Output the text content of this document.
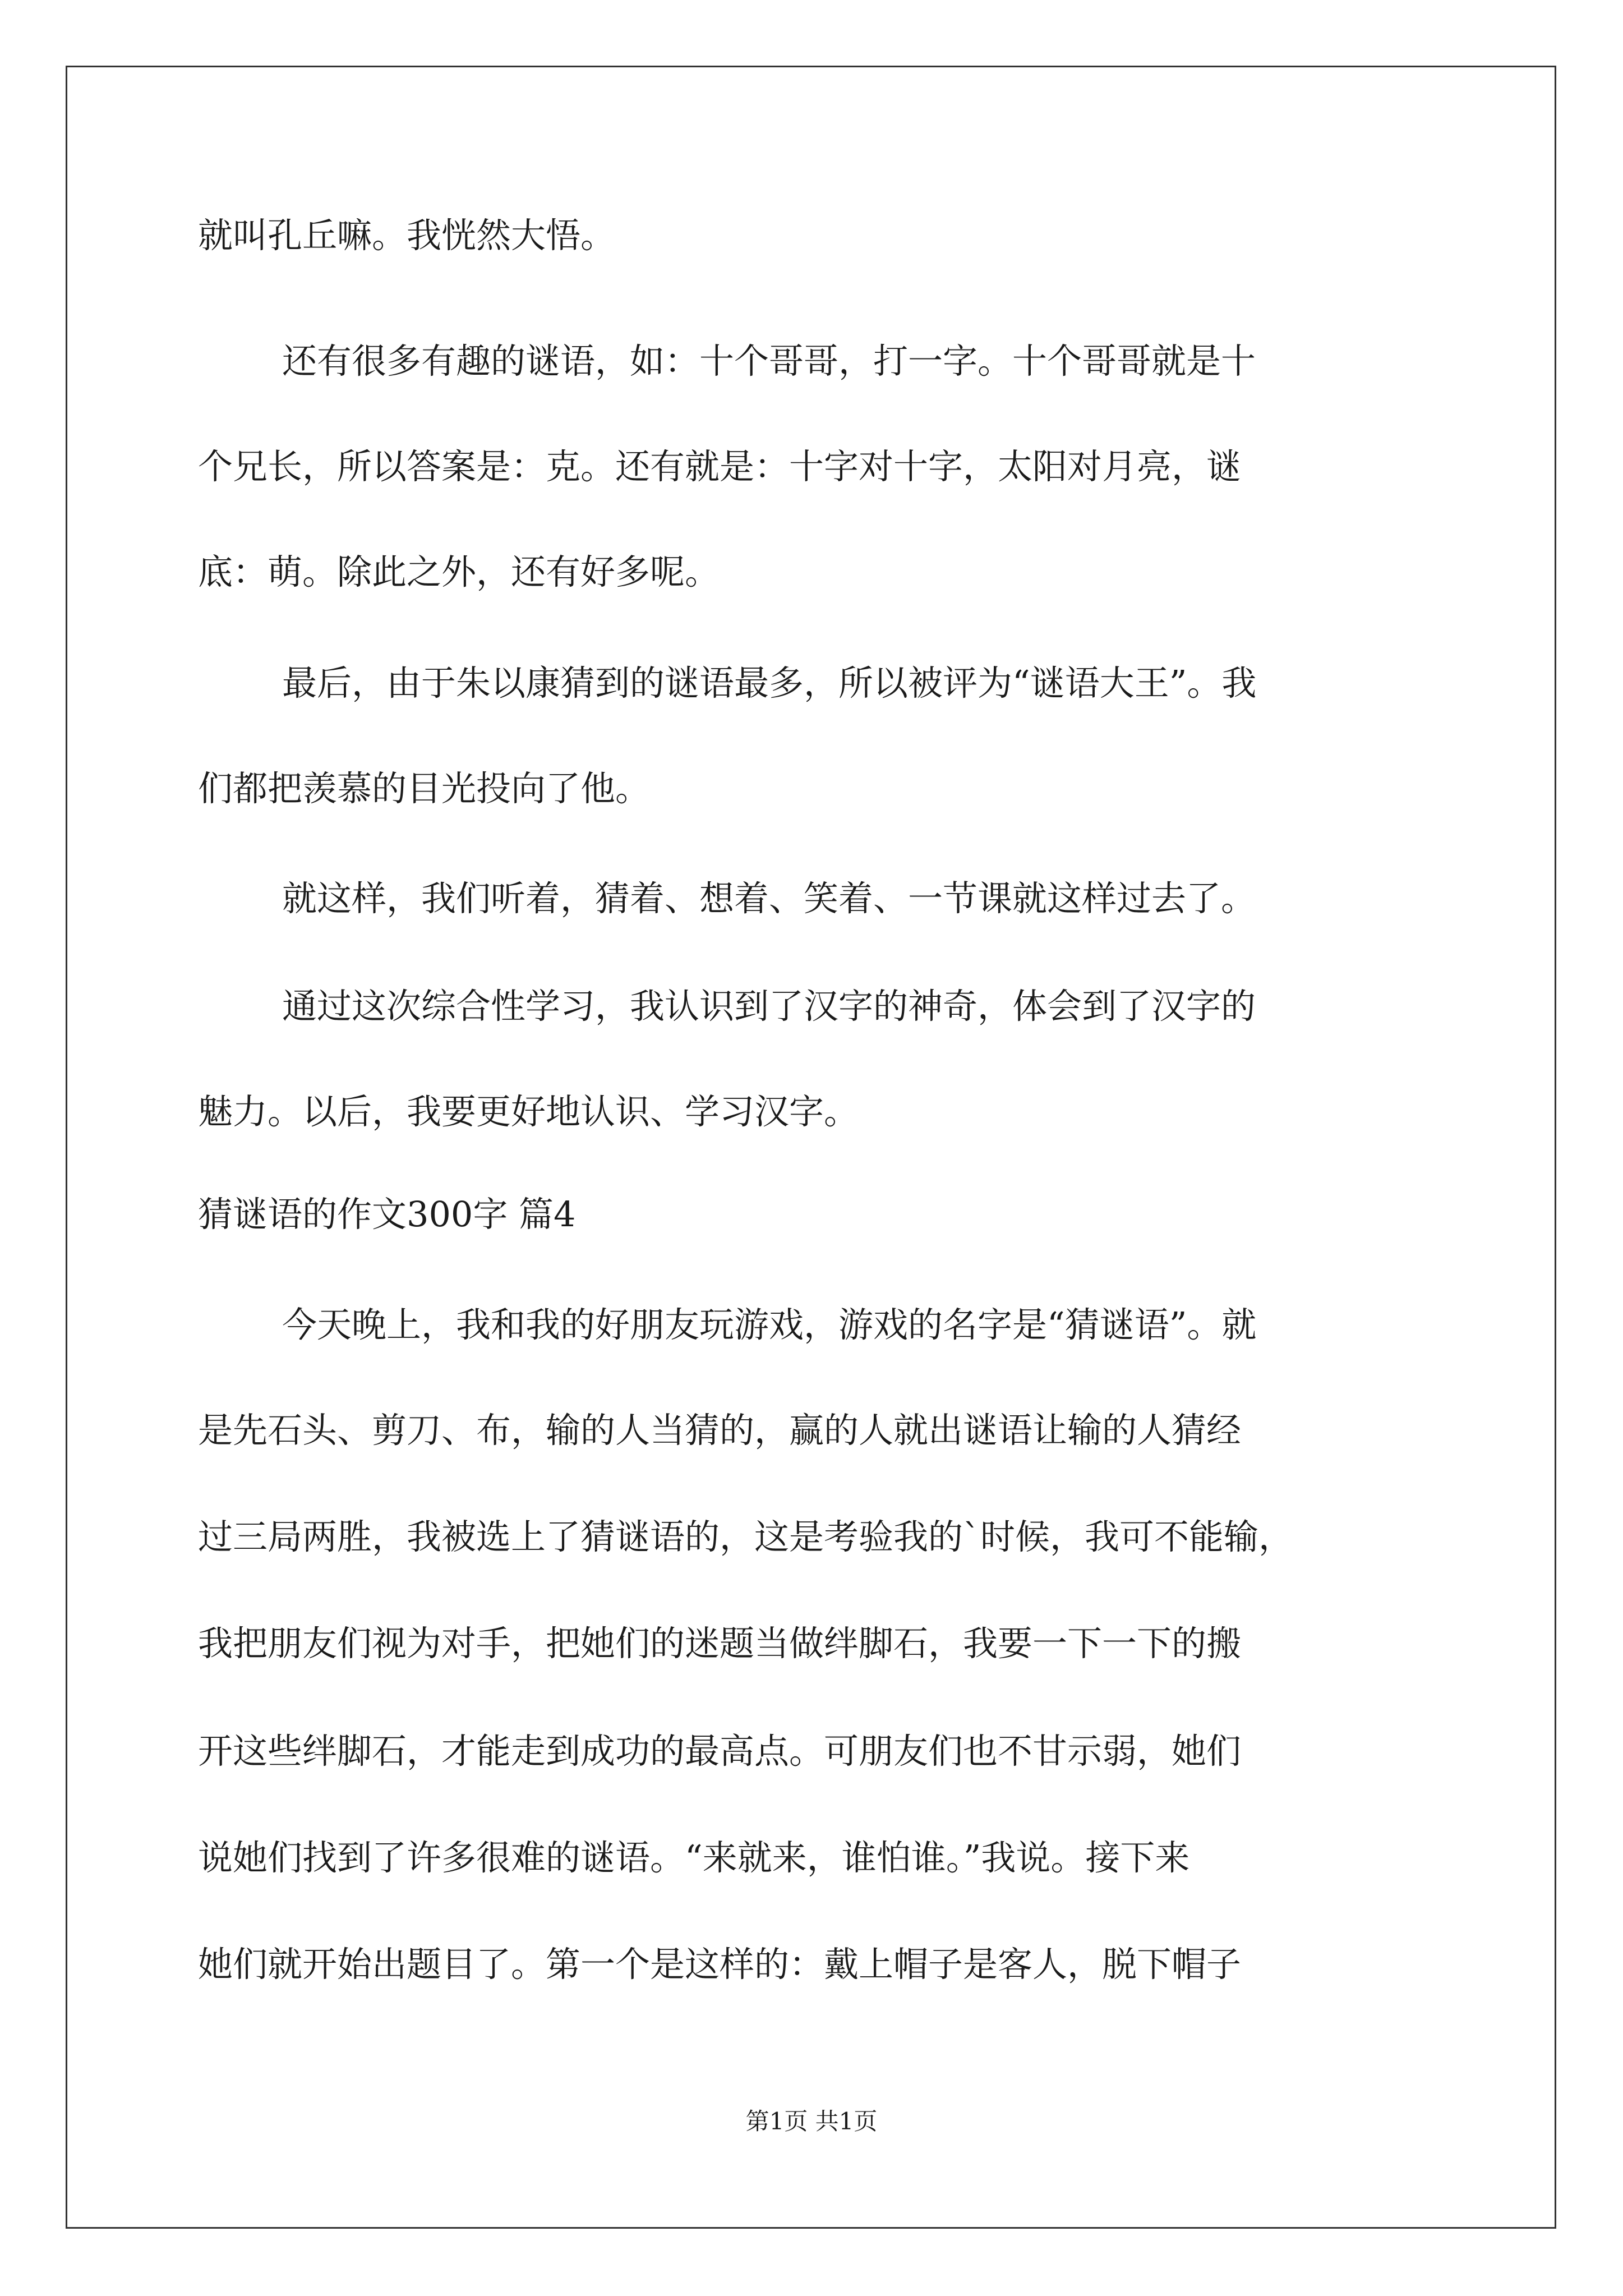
就叫孔丘嘛。我恍然大悟。
还有很多有趣的谜语，如：十个哥哥，打一字。十个哥哥就是十
个兄长，所以答案是：克。还有就是：十字对十字，太阳对月亮，谜
底：萌。除此之外，还有好多呢。
最后，由于朱以康猜到的谜语最多，所以被评为“谜语大王”。我
们都把羡慕的目光投向了他。
就这样，我们听着，猜着、想着、笑着、一节课就这样过去了。
通过这次综合性学习，我认识到了汉字的神奇，体会到了汉字的
魅力。以后，我要更好地认识、学习汉字。
猜谜语的作文300字 篇4
今天晚上，我和我的好朋友玩游戏，游戏的名字是“猜谜语”。就
是先石头、剪刀、布，输的人当猜的，赢的人就出谜语让输的人猜经
过三局两胜，我被选上了猜谜语的，这是考验我的`时候，我可不能输，
我把朋友们视为对手，把她们的迷题当做绊脚石，我要一下一下的搬
开这些绊脚石，才能走到成功的最高点。可朋友们也不甘示弱，她们
说她们找到了许多很难的谜语。“来就来，谁怕谁。”我说。接下来
她们就开始出题目了。第一个是这样的：戴上帽子是客人，脱下帽子
第1页 共1页
